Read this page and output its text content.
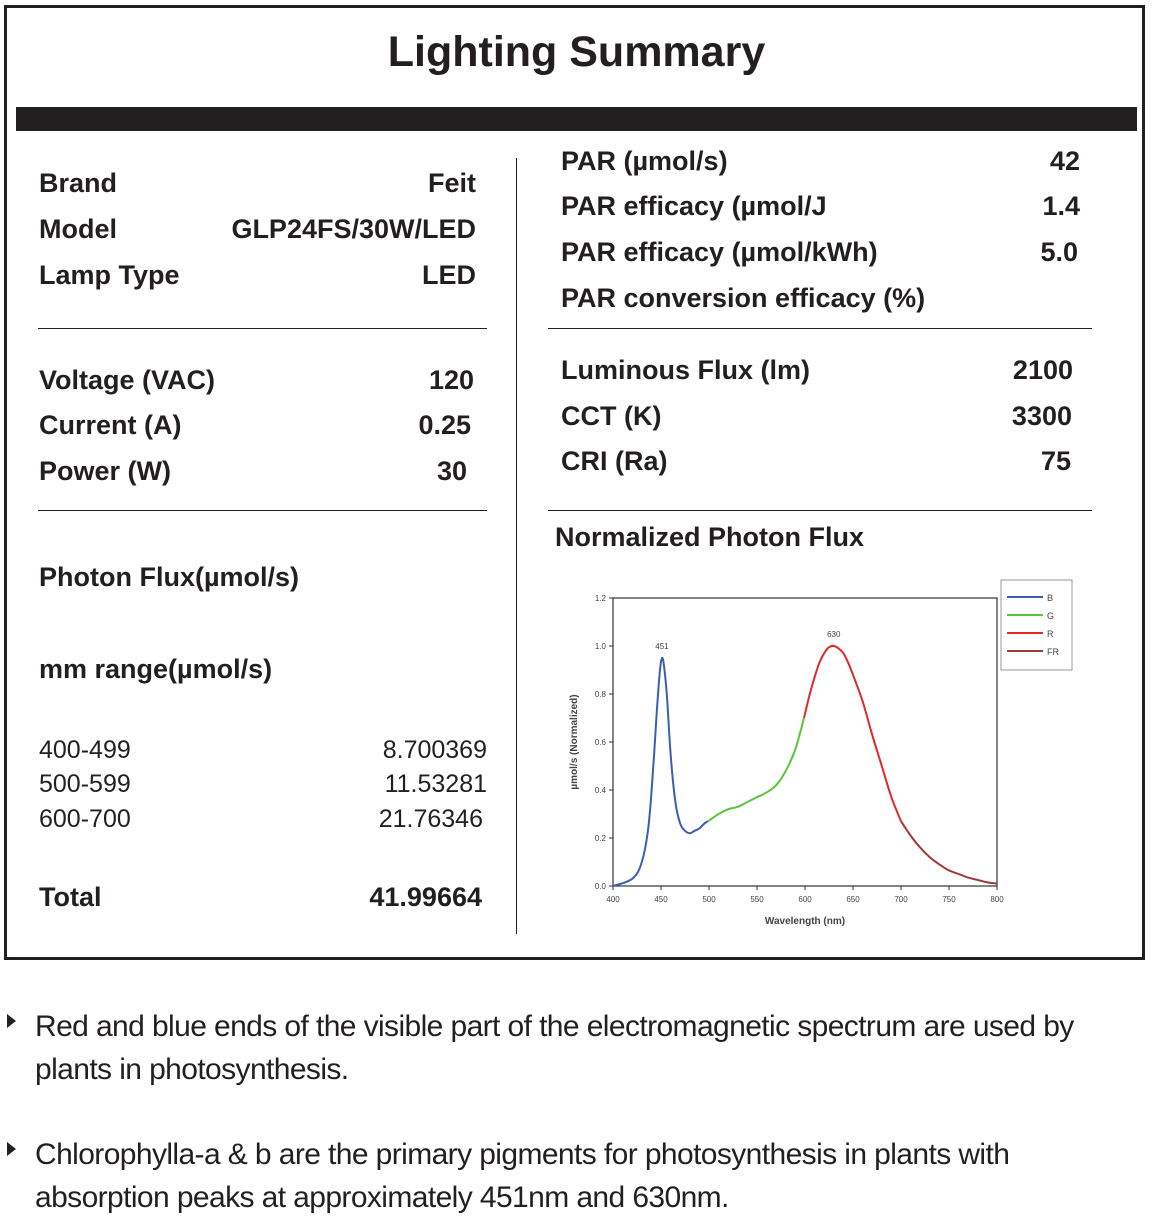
Lighting Summary
Brand	Feit
Model	GLP24FS/30W/LED
Lamp Type	LED
Voltage (VAC)	120
Current (A)	0.25
Power (W)	30
Photon Flux(µmol/s)
mm range(µmol/s)
400-499	8.700369
500-599	11.53281
600-700	21.76346
Total	41.99664
PAR (µmol/s)	42
PAR efficacy (µmol/J	1.4
PAR efficacy (µmol/kWh)	5.0
PAR conversion efficacy (%)
Luminous Flux (lm)	2100
CCT (K)	3300
CRI (Ra)	75
Normalized Photon Flux
400	450	500	550	600	650	700	750	800
0.0
0.2
0.4
0.6
0.8
1.0
1.2
Wavelength (nm)
µmol/s (Normalized)
451
630
B
G
R
FR
Red and blue ends of the visible part of the electromagnetic spectrum are used by plants in photosynthesis.
Chlorophylla-a & b are the primary pigments for photosynthesis in plants with absorption peaks at approximately 451nm and 630nm.
